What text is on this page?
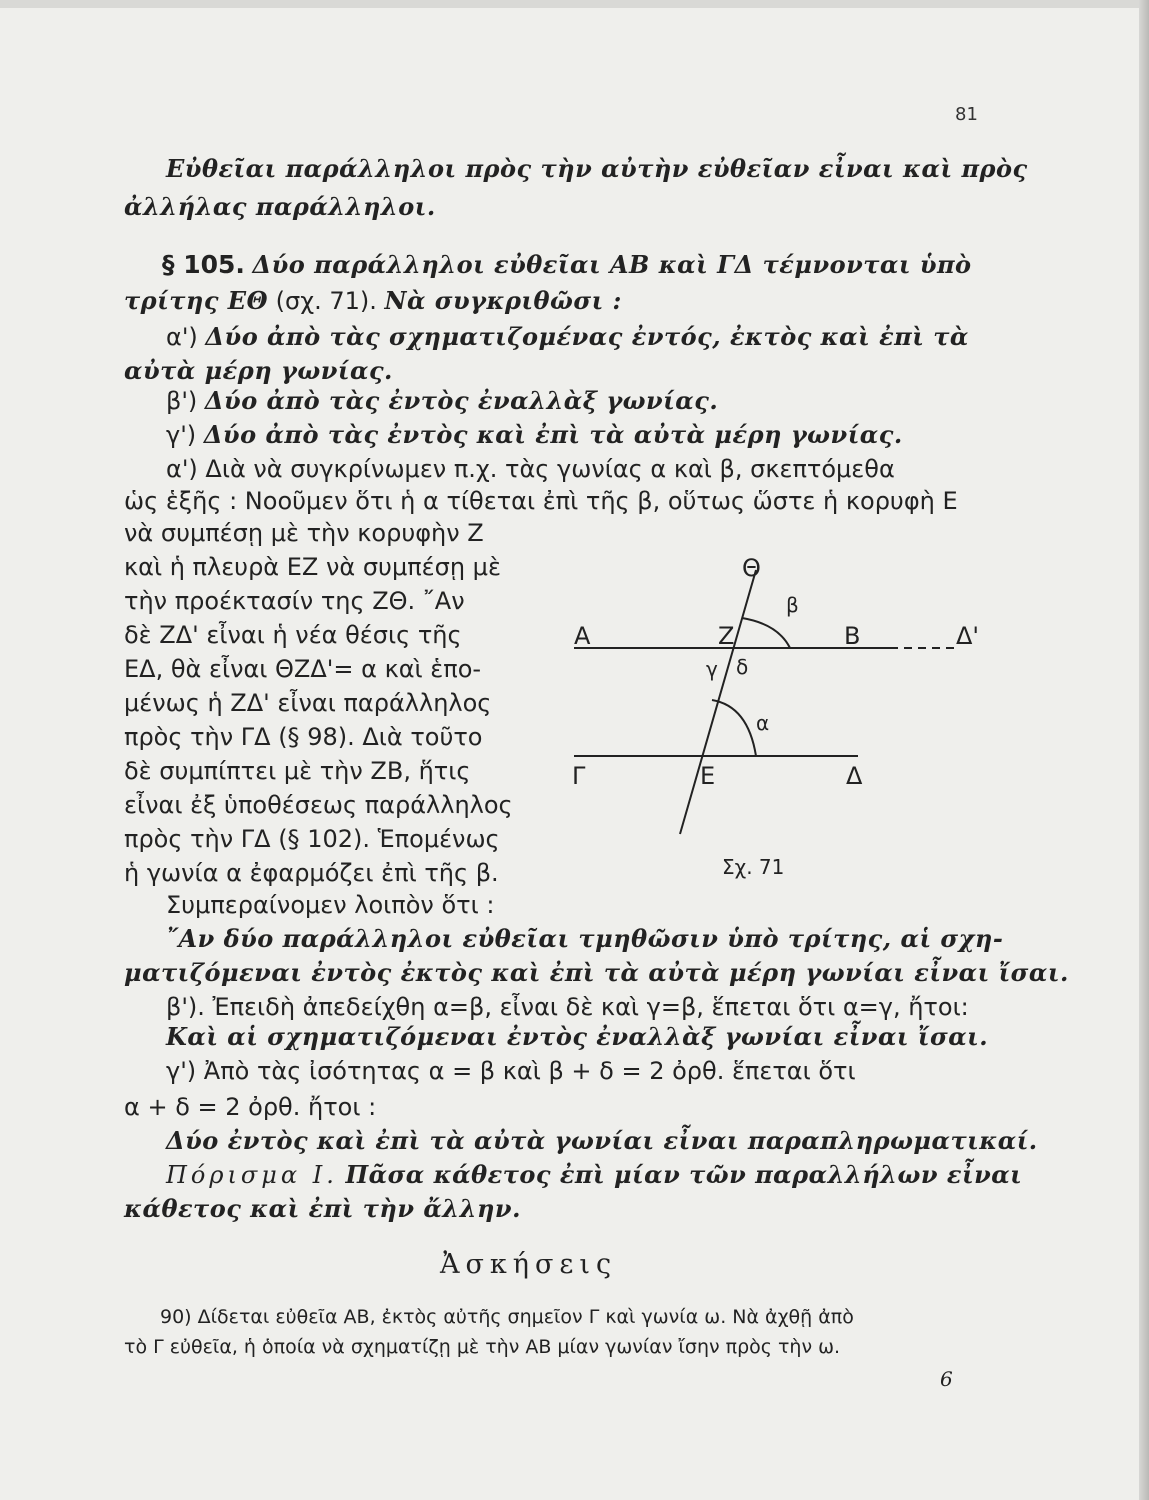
81
Εὐθεῖαι παράλληλοι πρὸς τὴν αὐτὴν εὐθεῖαν εἶναι καὶ πρὸς
ἀλλήλας παράλληλοι.
§ 105. Δύο παράλληλοι εὐθεῖαι ΑΒ καὶ ΓΔ τέμνονται ὑπὸ
τρίτης ΕΘ (σχ. 71). Νὰ συγκριθῶσι :
α') Δύο ἀπὸ τὰς σχηματιζομένας ἐντός, ἐκτὸς καὶ ἐπὶ τὰ
αὐτὰ μέρη γωνίας.
β') Δύο ἀπὸ τὰς ἐντὸς ἐναλλὰξ γωνίας.
γ') Δύο ἀπὸ τὰς ἐντὸς καὶ ἐπὶ τὰ αὐτὰ μέρη γωνίας.
α') Διὰ νὰ συγκρίνωμεν π.χ. τὰς γωνίας α καὶ β, σκεπτόμεθα
ὡς ἑξῆς : Νοοῦμεν ὅτι ἡ α τίθεται ἐπὶ τῆς β, οὕτως ὥστε ἡ κορυφὴ Ε
νὰ συμπέσῃ μὲ τὴν κορυφὴν Ζ
καὶ ἡ πλευρὰ ΕΖ νὰ συμπέσῃ μὲ
τὴν προέκτασίν της ΖΘ. ῎Αν
δὲ ΖΔ' εἶναι ἡ νέα θέσις τῆς
ΕΔ, θὰ εἶναι ΘΖΔ'= α καὶ ἑπο-
μένως ἡ ΖΔ' εἶναι παράλληλος
πρὸς τὴν ΓΔ (§ 98). Διὰ τοῦτο
δὲ συμπίπτει μὲ τὴν ΖΒ, ἥτις
εἶναι ἐξ ὑποθέσεως παράλληλος
πρὸς τὴν ΓΔ (§ 102). Ἑπομένως
ἡ γωνία α ἐφαρμόζει ἐπὶ τῆς β.
Συμπεραίνομεν λοιπὸν ὅτι :
῎Αν δύο παράλληλοι εὐθεῖαι τμηθῶσιν ὑπὸ τρίτης, αἱ σχη-
ματιζόμεναι ἐντὸς ἐκτὸς καὶ ἐπὶ τὰ αὐτὰ μέρη γωνίαι εἶναι ἴσαι.
β'). Ἐπειδὴ ἀπεδείχθη α=β, εἶναι δὲ καὶ γ=β, ἕπεται ὅτι α=γ, ἤτοι:
Καὶ αἱ σχηματιζόμεναι ἐντὸς ἐναλλὰξ γωνίαι εἶναι ἴσαι.
γ') Ἀπὸ τὰς ἰσότητας α = β καὶ β + δ = 2 ὀρθ. ἕπεται ὅτι
α + δ = 2 ὀρθ. ἤτοι :
Δύο ἐντὸς καὶ ἐπὶ τὰ αὐτὰ γωνίαι εἶναι παραπληρωματικαί.
Πόρισμα Ι. Πᾶσα κάθετος ἐπὶ μίαν τῶν παραλλήλων εἶναι
κάθετος καὶ ἐπὶ τὴν ἄλλην.
Ἀσκήσεις
90) Δίδεται εὐθεῖα ΑΒ, ἐκτὸς αὐτῆς σημεῖον Γ καὶ γωνία ω. Νὰ ἀχθῇ ἀπὸ
τὸ Γ εὐθεῖα, ἡ ὁποία νὰ σχηματίζῃ μὲ τὴν ΑΒ μίαν γωνίαν ἴσην πρὸς τὴν ω.
6
Α	Ζ	Β	Δ'
Θ
β
γ δ
α
Γ	Ε	Δ
Σχ. 71
